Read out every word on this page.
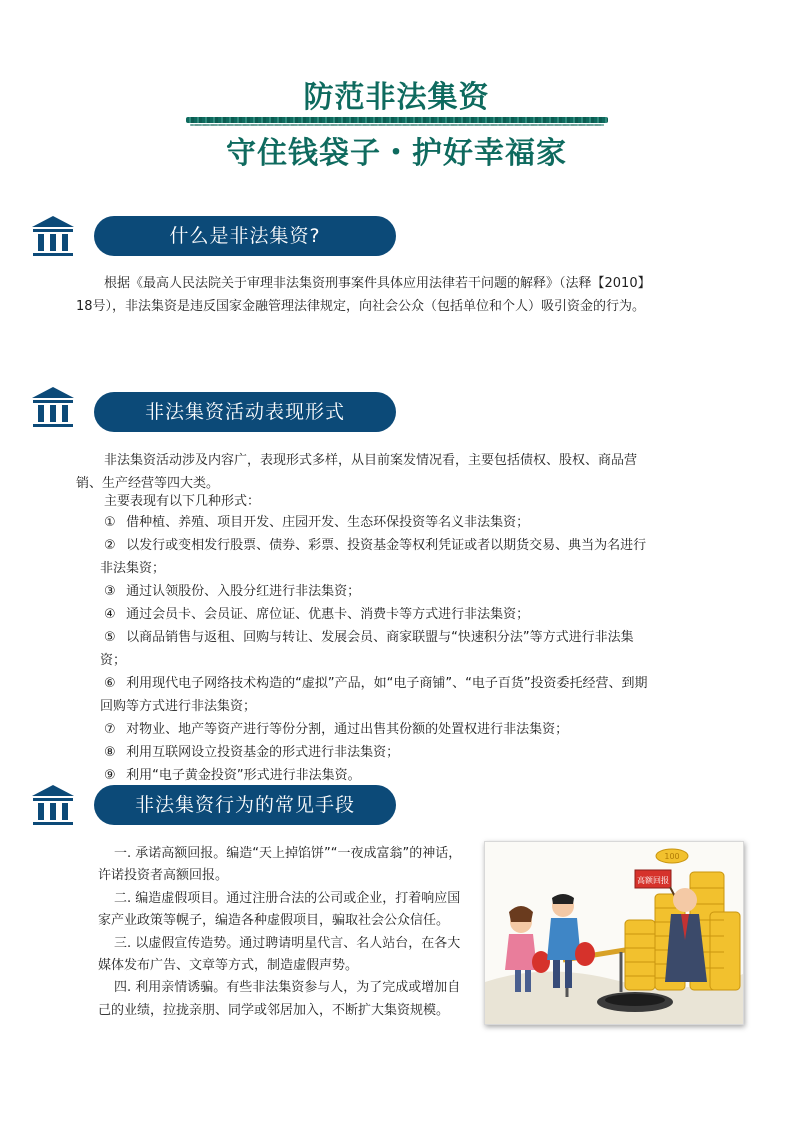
防范非法集资
守住钱袋子・护好幸福家
什么是非法集资?

根据《最高人民法院关于审理非法集资刑事案件具体应用法律若干问题的解释》（法释【2010】18号），非法集资是违反国家金融管理法律规定，向社会公众（包括单位和个人）吸引资金的行为。

非法集资活动表现形式

非法集资活动涉及内容广，表现形式多样，从目前案发情况看，主要包括债权、股权、商品营销、生产经营等四大类。

主要表现有以下几种形式：
① 借种植、养殖、项目开发、庄园开发、生态环保投资等名义非法集资；
② 以发行或变相发行股票、债券、彩票、投资基金等权利凭证或者以期货交易、典当为名进行非法集资；
③ 通过认领股份、入股分红进行非法集资；
④ 通过会员卡、会员证、席位证、优惠卡、消费卡等方式进行非法集资；
⑤ 以商品销售与返租、回购与转让、发展会员、商家联盟与“快速积分法”等方式进行非法集资；
⑥ 利用现代电子网络技术构造的“虚拟”产品，如“电子商铺”、“电子百货”投资委托经营、到期回购等方式进行非法集资；
⑦ 对物业、地产等资产进行等份分割，通过出售其份额的处置权进行非法集资；
⑧ 利用互联网设立投资基金的形式进行非法集资；
⑨ 利用“电子黄金投资”形式进行非法集资。
非法集资行为的常见手段
一. 承诺高额回报。编造“天上掉馅饼”“一夜成富翁”的神话，许诺投资者高额回报。
二. 编造虚假项目。通过注册合法的公司或企业，打着响应国家产业政策等幌子，编造各种虚假项目，骗取社会公众信任。
三. 以虚假宣传造势。通过聘请明星代言、名人站台，在各大媒体发布广告、文章等方式，制造虚假声势。
四. 利用亲情诱骗。有些非法集资参与人，为了完成或增加自己的业绩，拉拢亲朋、同学或邻居加入，不断扩大集资规模。
100
高额回报
